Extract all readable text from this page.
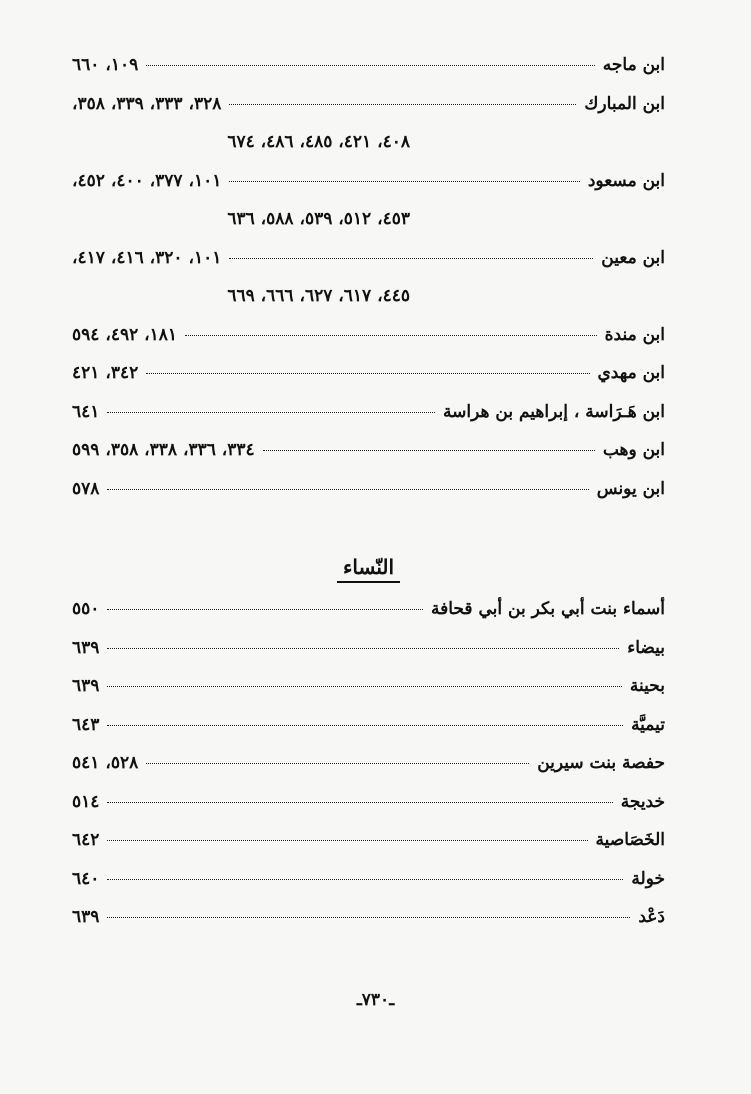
ابن ماجه
١٠٩، ٦٦٠
ابن المبارك
٣٢٨، ٣٣٣، ٣٣٩، ٣٥٨،
٤٠٨، ٤٢١، ٤٨٥، ٤٨٦، ٦٧٤
ابن مسعود
١٠١، ٣٧٧، ٤٠٠، ٤٥٢،
٤٥٣، ٥١٢، ٥٣٩، ٥٨٨، ٦٣٦
ابن معين
١٠١، ٣٢٠، ٤١٦، ٤١٧،
٤٤٥، ٦١٧، ٦٢٧، ٦٦٦، ٦٦٩
ابن مندة
١٨١، ٤٩٢، ٥٩٤
ابن مهدي
٣٤٢، ٤٢١
ابن هَـرَاسة ، إبراهيم بن هراسة
٦٤١
ابن وهب
٣٣٤، ٣٣٦، ٣٣٨، ٣٥٨، ٥٩٩
ابن يونس
٥٧٨
النّساء
أسماء بنت أبي بكر بن أبي قحافة
٥٥٠
بيضاء
٦٣٩
بحينة
٦٣٩
تيميَّة
٦٤٣
حفصة بنت سيرين
٥٢٨، ٥٤١
خديجة
٥١٤
الخَصَاصية
٦٤٢
خولة
٦٤٠
دَعْد
٦٣٩
ـ٧٣٠ـ
